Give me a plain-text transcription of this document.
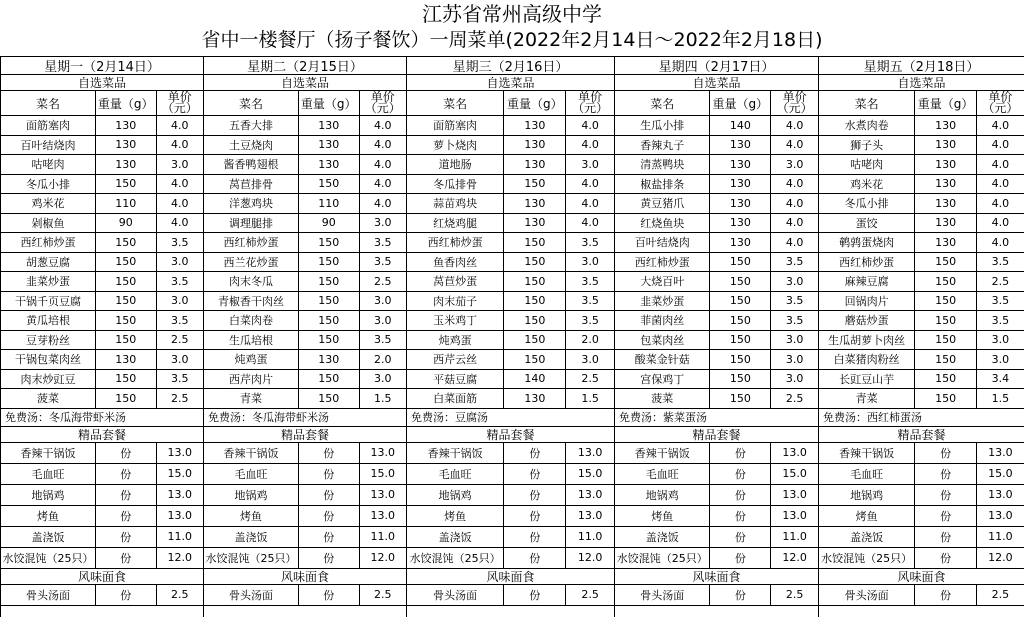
江苏省常州高级中学
省中一楼餐厅（扬子餐饮）一周菜单(2022年2月14日～2022年2月18日)
星期一（2月14日）
自选菜品
菜名	重量（g）	单价（元）
面筋塞肉	130	4.0
百叶结烧肉	130	4.0
咕咾肉	130	3.0
冬瓜小排	150	4.0
鸡米花	110	4.0
剁椒鱼	90	4.0
西红柿炒蛋	150	3.5
胡葱豆腐	150	3.0
韭菜炒蛋	150	3.5
干锅千页豆腐	150	3.0
黄瓜培根	150	3.5
豆芽粉丝	150	2.5
干锅包菜肉丝	130	3.0
肉末炒豇豆	150	3.5
菠菜	150	2.5
免费汤：冬瓜海带虾米汤
精品套餐
香辣干锅饭	份	13.0
毛血旺	份	15.0
地锅鸡	份	13.0
烤鱼	份	13.0
盖浇饭	份	11.0
水饺混饨（25只）	份	12.0
风味面食
骨头汤面	份	2.5
星期二（2月15日）
自选菜品
菜名	重量（g）	单价（元）
五香大排	130	4.0
土豆烧肉	130	4.0
酱香鸭翅根	130	4.0
莴苣排骨	150	4.0
洋葱鸡块	110	4.0
调理腿排	90	3.0
西红柿炒蛋	150	3.5
西兰花炒蛋	150	3.5
肉末冬瓜	150	2.5
青椒香干肉丝	150	3.0
白菜肉卷	150	3.0
生瓜培根	150	3.5
炖鸡蛋	130	2.0
西芹肉片	150	3.0
青菜	150	1.5
免费汤：冬瓜海带虾米汤
精品套餐
香辣干锅饭	份	13.0
毛血旺	份	15.0
地锅鸡	份	13.0
烤鱼	份	13.0
盖浇饭	份	11.0
水饺混饨（25只）	份	12.0
风味面食
骨头汤面	份	2.5
星期三（2月16日）
自选菜品
菜名	重量（g）	单价（元）
面筋塞肉	130	4.0
萝卜烧肉	130	4.0
道地肠	130	3.0
冬瓜排骨	150	4.0
蒜苗鸡块	130	4.0
红烧鸡腿	130	4.0
西红柿炒蛋	150	3.5
鱼香肉丝	150	3.0
莴苣炒蛋	150	3.5
肉末茄子	150	3.5
玉米鸡丁	150	3.5
炖鸡蛋	150	2.0
西芹云丝	150	3.0
平菇豆腐	140	2.5
白菜面筋	130	1.5
免费汤：豆腐汤
精品套餐
香辣干锅饭	份	13.0
毛血旺	份	15.0
地锅鸡	份	13.0
烤鱼	份	13.0
盖浇饭	份	11.0
水饺混饨（25只）	份	12.0
风味面食
骨头汤面	份	2.5
星期四（2月17日）
自选菜品
菜名	重量（g）	单价（元）
生瓜小排	140	4.0
香辣丸子	130	4.0
清蒸鸭块	130	3.0
椒盐排条	130	4.0
黄豆猪爪	130	4.0
红烧鱼块	130	4.0
百叶结烧肉	130	4.0
西红柿炒蛋	150	3.5
大烧百叶	150	3.0
韭菜炒蛋	150	3.5
菲菌肉丝	150	3.5
包菜肉丝	150	3.0
酸菜金针菇	150	3.0
宫保鸡丁	150	3.0
菠菜	150	2.5
免费汤：紫菜蛋汤
精品套餐
香辣干锅饭	份	13.0
毛血旺	份	15.0
地锅鸡	份	13.0
烤鱼	份	13.0
盖浇饭	份	11.0
水饺混饨（25只）	份	12.0
风味面食
骨头汤面	份	2.5
星期五（2月18日）
自选菜品
菜名	重量（g）	单价（元）
水煮肉卷	130	4.0
狮子头	130	4.0
咕咾肉	130	4.0
鸡米花	130	4.0
冬瓜小排	130	4.0
蛋饺	130	4.0
鹌鹑蛋烧肉	130	4.0
西红柿炒蛋	150	3.5
麻辣豆腐	150	2.5
回锅肉片	150	3.5
蘑菇炒蛋	150	3.5
生瓜胡萝卜肉丝	150	3.0
白菜猪肉粉丝	150	3.0
长豇豆山芋	150	3.4
青菜	150	1.5
免费汤：西红柿蛋汤
精品套餐
香辣干锅饭	份	13.0
毛血旺	份	15.0
地锅鸡	份	13.0
烤鱼	份	13.0
盖浇饭	份	11.0
水饺混饨（25只）	份	12.0
风味面食
骨头汤面	份	2.5
